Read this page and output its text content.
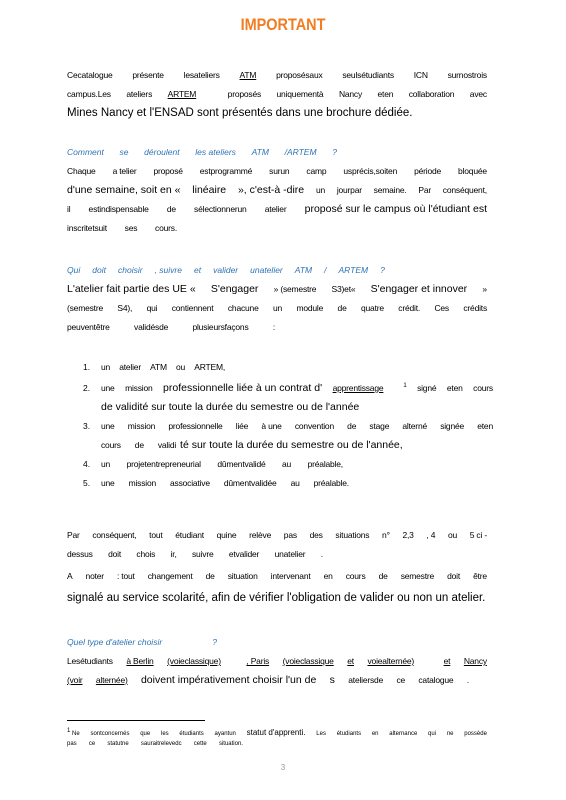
IMPORTANT
Cecatalogue présente lesateliers ATM proposésaux seulsétudiants ICN surnostrois
campus.Les ateliers ARTEM	proposés uniquementà Nancy eten collaboration avec
Mines Nancy et l'ENSAD sont présentés dans une brochure dédiée.
Comment se déroulent les ateliers ATM /ARTEM ?
Chaque a telier proposé estprogrammé surun camp usprécis,soiten période bloquée
d'une semaine, soit en « linéaire », c'est-à -dire un jourpar semaine. Par conséquent,
il estindispensable de sélectionnerun atelier proposé sur le campus où l'étudiant est
inscritetsuit ses cours.
Qui doit choisir , suivre et valider unatelier ATM / ARTEM ?
L'atelier fait partie des UE « S'engager » (semestre S3)et« S'engager et innover »
(semestre S4), qui contiennent chacune un module de quatre crédit. Ces crédits
peuventêtre	validésde	plusieursfaçons	:
1.	un atelier ATM ou ARTEM,
2.	une mission professionnelle liée à un contrat d' apprentissage	$^1$ signé eten cours
de validité sur toute la durée du semestre ou de l'année
3.	une mission professionnelle liée à une convention de stage alterné signée eten
cours de validi té sur toute la durée du semestre ou de l'année,
4.	un projetentrepreneurial dûmentvalidé au préalable,
5.	une mission associative dûmentvalidée au préalable.
Par conséquent, tout étudiant quine relève pas des situations n° 2,3 , 4 ou 5 ci -
dessus doit chois ir, suivre etvalider unatelier .
A noter : tout changement de situation intervenant en cours de semestre doit être
signalé au service scolarité, afin de vérifier l'obligation de valider ou non un atelier.
Quel type d'atelier choisir	?
Lesétudiants à Berlin (voieclassique)	, Paris (voieclassique et voiealternée)	et Nancy
(voir alternée) doivent impérativement choisir l'un de s ateliersde ce catalogue .
$^1$ Ne sontconcernés que les étudiants ayantun statut d'apprenti. Les étudiants en alternance qui ne possède
pas ce statutne sauraitrelevedc cette situation.
3
